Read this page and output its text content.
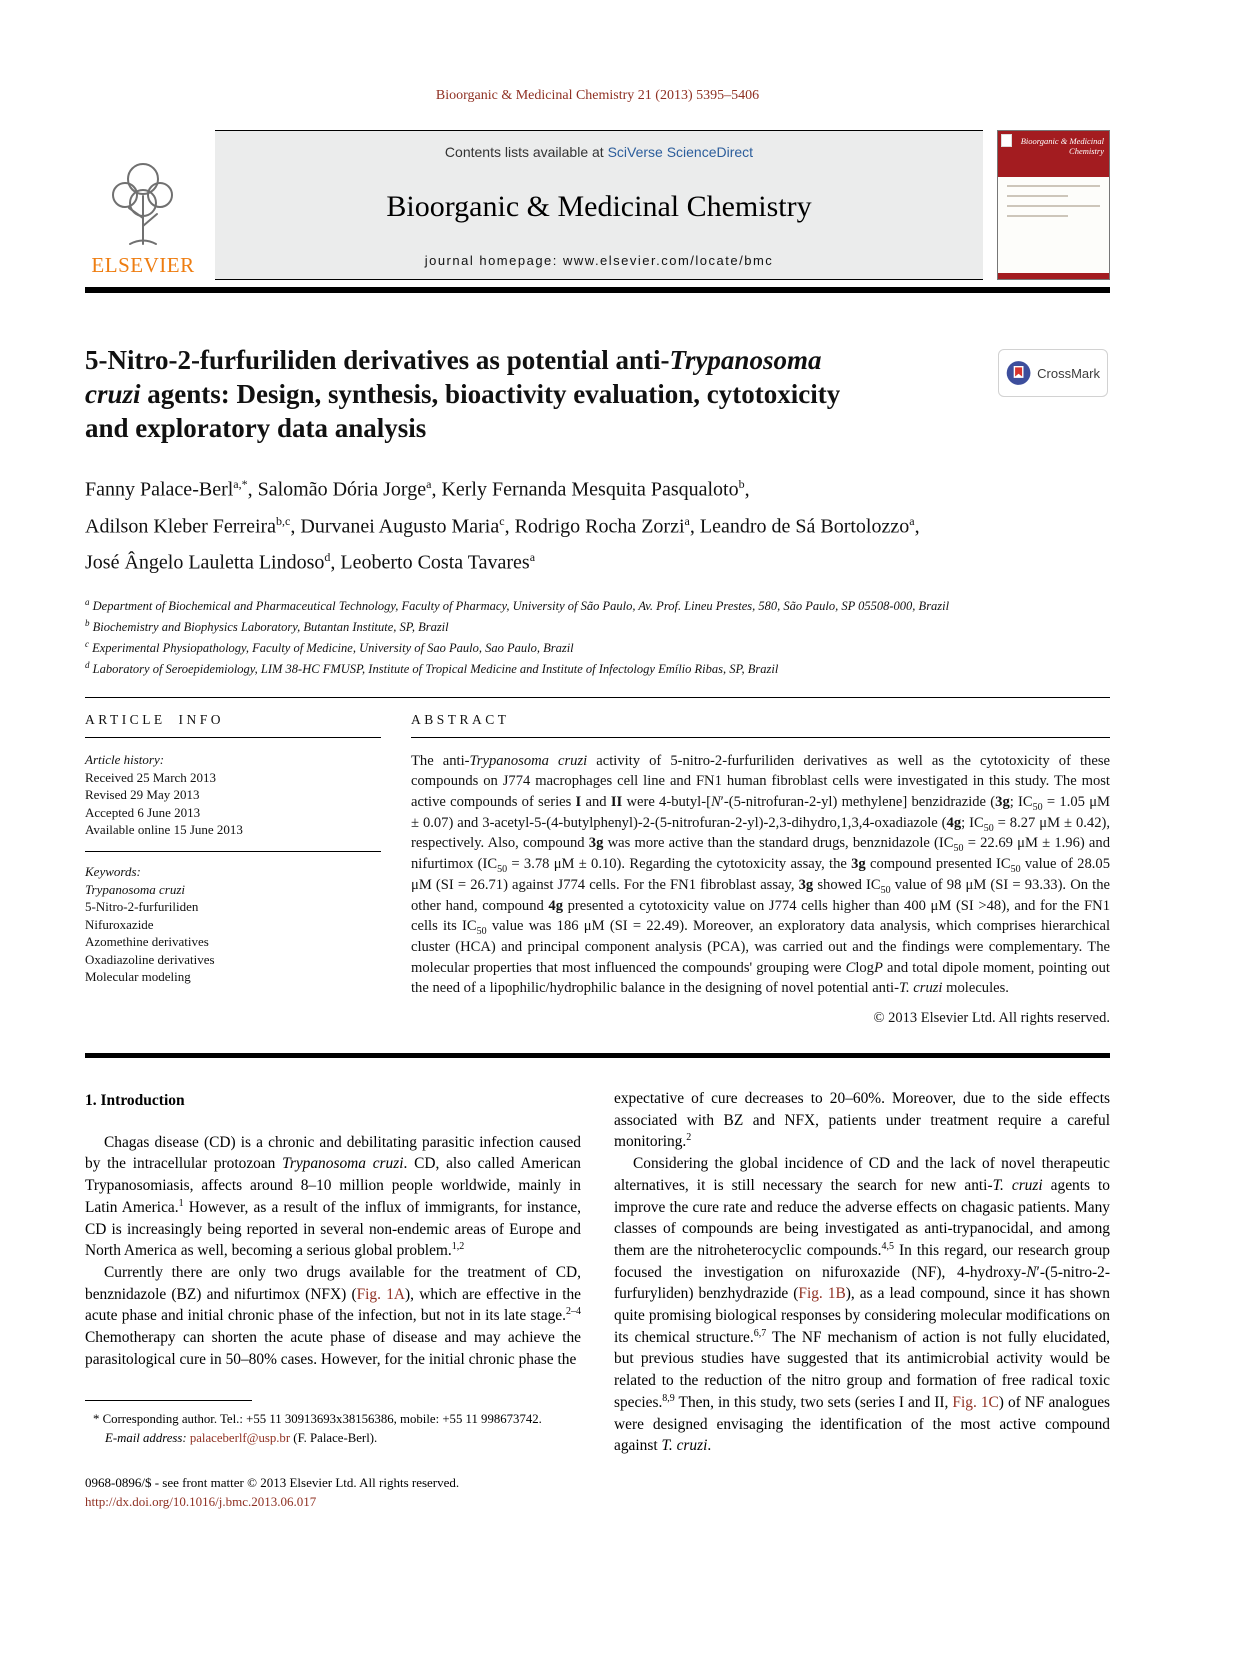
Bioorganic & Medicinal Chemistry 21 (2013) 5395–5406
ELSEVIER
Contents lists available at SciVerse ScienceDirect
Bioorganic & Medicinal Chemistry
journal homepage: www.elsevier.com/locate/bmc
Bioorganic & Medicinal Chemistry
5-Nitro-2-furfuriliden derivatives as potential anti-Trypanosoma
cruzi agents: Design, synthesis, bioactivity evaluation, cytotoxicity
and exploratory data analysis
CrossMark
Fanny Palace-Berl$^{a,*}$, Salomão Dória Jorge$^a$, Kerly Fernanda Mesquita Pasqualoto$^b$,
Adilson Kleber Ferreira$^{b,c}$, Durvanei Augusto Maria$^c$, Rodrigo Rocha Zorzi$^a$, Leandro de Sá Bortolozzo$^a$,
José Ângelo Lauletta Lindoso$^d$, Leoberto Costa Tavares$^a$
$^a$ Department of Biochemical and Pharmaceutical Technology, Faculty of Pharmacy, University of São Paulo, Av. Prof. Lineu Prestes, 580, São Paulo, SP 05508-000, Brazil
$^b$ Biochemistry and Biophysics Laboratory, Butantan Institute, SP, Brazil
$^c$ Experimental Physiopathology, Faculty of Medicine, University of Sao Paulo, Sao Paulo, Brazil
$^d$ Laboratory of Seroepidemiology, LIM 38-HC FMUSP, Institute of Tropical Medicine and Institute of Infectology Emílio Ribas, SP, Brazil
ARTICLE INFO
Article history:
Received 25 March 2013
Revised 29 May 2013
Accepted 6 June 2013
Available online 15 June 2013
Keywords:
Trypanosoma cruzi
5-Nitro-2-furfuriliden
Nifuroxazide
Azomethine derivatives
Oxadiazoline derivatives
Molecular modeling
ABSTRACT

The anti-Trypanosoma cruzi activity of 5-nitro-2-furfuriliden derivatives as well as the cytotoxicity of these compounds on J774 macrophages cell line and FN1 human fibroblast cells were investigated in this study. The most active compounds of series I and II were 4-butyl-[N′-(5-nitrofuran-2-yl) methylene] benzidrazide (3g; $IC_{50} = 1.05$ μM ± 0.07) and 3-acetyl-5-(4-butylphenyl)-2-(5-nitrofuran-2-yl)-2,3-dihydro,1,3,4-oxadiazole (4g; $IC_{50} = 8.27$ μM ± 0.42), respectively. Also, compound 3g was more active than the standard drugs, benznidazole ($IC_{50} = 22.69$ μM ± 1.96) and nifurtimox ($IC_{50} = 3.78$ μM ± 0.10). Regarding the cytotoxicity assay, the 3g compound presented $IC_{50}$ value of 28.05 μM (SI = 26.71) against J774 cells. For the FN1 fibroblast assay, 3g showed $IC_{50}$ value of 98 μM (SI = 93.33). On the other hand, compound 4g presented a cytotoxicity value on J774 cells higher than 400 μM (SI >48), and for the FN1 cells its $IC_{50}$ value was 186 μM (SI = 22.49). Moreover, an exploratory data analysis, which comprises hierarchical cluster (HCA) and principal component analysis (PCA), was carried out and the findings were complementary. The molecular properties that most influenced the compounds' grouping were ClogP and total dipole moment, pointing out the need of a lipophilic/hydrophilic balance in the designing of novel potential anti-T. cruzi molecules.

© 2013 Elsevier Ltd. All rights reserved.
1. Introduction

Chagas disease (CD) is a chronic and debilitating parasitic infection caused by the intracellular protozoan Trypanosoma cruzi. CD, also called American Trypanosomiasis, affects around 8–10 million people worldwide, mainly in Latin America.$^1$ However, as a result of the influx of immigrants, for instance, CD is increasingly being reported in several non-endemic areas of Europe and North America as well, becoming a serious global problem.$^{1,2}$

Currently there are only two drugs available for the treatment of CD, benznidazole (BZ) and nifurtimox (NFX) (Fig. 1A), which are effective in the acute phase and initial chronic phase of the infection, but not in its late stage.$^{2-4}$ Chemotherapy can shorten the acute phase of disease and may achieve the parasitological cure in 50–80% cases. However, for the initial chronic phase the

* Corresponding author. Tel.: +55 11 30913693x38156386, mobile: +55 11 998673742.

E-mail address: palaceberlf@usp.br (F. Palace-Berl).

0968-0896/$ - see front matter © 2013 Elsevier Ltd. All rights reserved.
http://dx.doi.org/10.1016/j.bmc.2013.06.017

expectative of cure decreases to 20–60%. Moreover, due to the side effects associated with BZ and NFX, patients under treatment require a careful monitoring.$^2$

Considering the global incidence of CD and the lack of novel therapeutic alternatives, it is still necessary the search for new anti-T. cruzi agents to improve the cure rate and reduce the adverse effects on chagasic patients. Many classes of compounds are being investigated as anti-trypanocidal, and among them are the nitroheterocyclic compounds.$^{4,5}$ In this regard, our research group focused the investigation on nifuroxazide (NF), 4-hydroxy-N′-(5-nitro-2-furfuryliden) benzhydrazide (Fig. 1B), as a lead compound, since it has shown quite promising biological responses by considering molecular modifications on its chemical structure.$^{6,7}$ The NF mechanism of action is not fully elucidated, but previous studies have suggested that its antimicrobial activity would be related to the reduction of the nitro group and formation of free radical toxic species.$^{8,9}$ Then, in this study, two sets (series I and II, Fig. 1C) of NF analogues were designed envisaging the identification of the most active compound against T. cruzi.
